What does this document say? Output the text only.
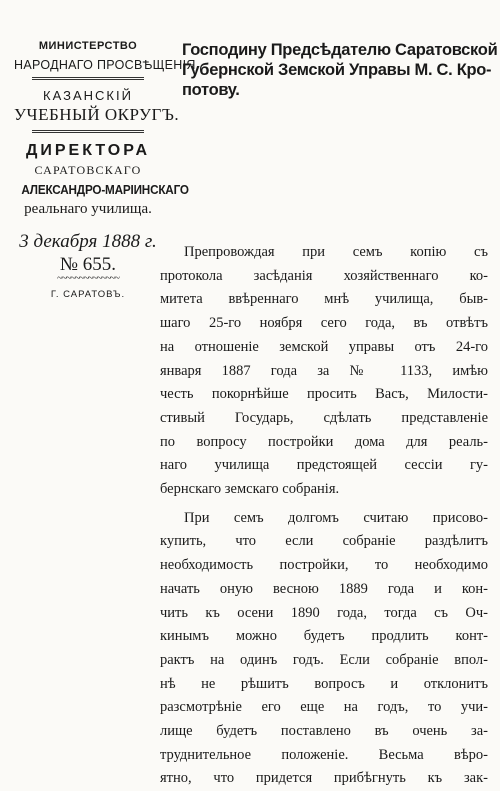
МИНИСТЕРСТВО
НАРОДНАГО ПРОСВѢЩЕНІЯ.
КАЗАНСКІЙ
УЧЕБНЫЙ ОКРУГЪ.
ДИРЕКТОРА
САРАТОВСКАГО
АЛЕКСАНДРО-МАРІИНСКАГО
реальнаго училища.
3 декабря 1888 г.
№ 655.
~~~~~~~~~~~~~~
Г. САРАТОВЪ.
Господину Предсѣдателю Саратовской
Губернской Земской Управы М. С. Кро-
потову.
Препровождая при семъ копію съ
протокола засѣданія хозяйственнаго ко-
митета ввѣреннаго мнѣ училища, быв-
шаго 25-го ноября сего года, въ отвѣтъ
на отношеніе земской управы отъ 24-го
января 1887 года за № 1133, имѣю
честь покорнѣйше просить Васъ, Милости-
стивый Государь, сдѣлать представленіе
по вопросу постройки дома для реаль-
наго училища предстоящей сессіи гу-
бернскаго земскаго собранія.
При семъ долгомъ считаю присово-
купить, что если собраніе раздѣлитъ
необходимость постройки, то необходимо
начать оную весною 1889 года и кон-
чить къ осени 1890 года, тогда съ Оч-
кинымъ можно будетъ продлить конт-
рактъ на одинъ годъ. Если собраніе впол-
нѣ не рѣшитъ вопросъ и отклонитъ
разсмотрѣніе его еще на годъ, то учи-
лище будетъ поставлено въ очень за-
труднительное положеніе. Весьма вѣро-
ятно, что придется прибѣгнуть къ зак-
